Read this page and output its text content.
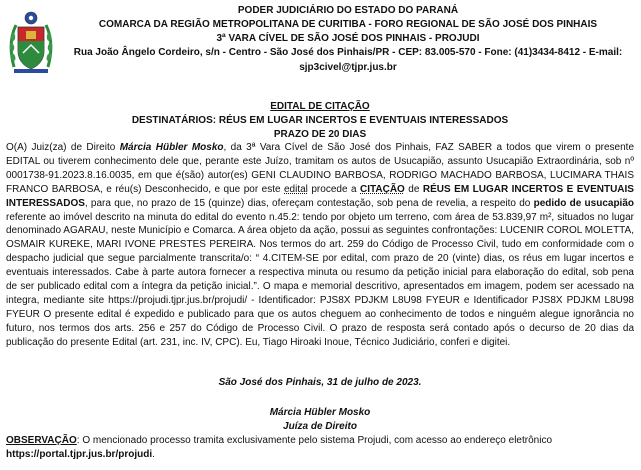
PODER JUDICIÁRIO DO ESTADO DO PARANÁ
COMARCA DA REGIÃO METROPOLITANA DE CURITIBA - FORO REGIONAL DE SÃO JOSÉ DOS PINHAIS
3ª VARA CÍVEL DE SÃO JOSÉ DOS PINHAIS - PROJUDI
Rua João Ângelo Cordeiro, s/n - Centro - São José dos Pinhais/PR - CEP: 83.005-570 - Fone: (41)3434-8412 - E-mail:
sjp3civel@tjpr.jus.br
EDITAL DE CITAÇÃO
DESTINATÁRIOS: RÉUS EM LUGAR INCERTOS E EVENTUAIS INTERESSADOS
PRAZO DE 20 DIAS

O(A) Juiz(za) de Direito Márcia Hübler Mosko, da 3ª Vara Cível de São José dos Pinhais, FAZ SABER a todos que virem o presente EDITAL ou tiverem conhecimento dele que, perante este Juízo, tramitam os autos de Usucapião, assunto Usucapião Extraordinária, sob nº 0001738-91.2023.8.16.0035, em que é(são) autor(es) GENI CLAUDINO BARBOSA, RODRIGO MACHADO BARBOSA, LUCIMARA THAIS FRANCO BARBOSA, e réu(s) Desconhecido, e que por este edital procede a CITAÇÃO de RÉUS EM LUGAR INCERTOS E EVENTUAIS INTERESSADOS, para que, no prazo de 15 (quinze) dias, ofereçam contestação, sob pena de revelia, a respeito do pedido de usucapião referente ao imóvel descrito na minuta do edital do evento n.45.2: tendo por objeto um terreno, com área de 53.839,97 m², situados no lugar denominado AGARAU, neste Município e Comarca. A área objeto da ação, possui as seguintes confrontações: LUCENIR COROL MOLETTA, OSMAIR KUREKE, MARI IVONE PRESTES PEREIRA. Nos termos do art. 259 do Código de Processo Civil, tudo em conformidade com o despacho judicial que segue parcialmente transcrita/o: “ 4.CITEM-SE por edital, com prazo de 20 (vinte) dias, os réus em lugar incertos e eventuais interessados. Cabe à parte autora fornecer a respectiva minuta ou resumo da petição inicial para elaboração do edital, sob pena de ser publicado edital com a íntegra da petição inicial.”. O mapa e memorial descritivo, apresentados em imagem, podem ser acessado na integra, mediante site https://projudi.tjpr.jus.br/projudi/ - Identificador: PJS8X PDJKM L8U98 FYEUR e Identificador PJS8X PDJKM L8U98 FYEUR O presente edital é expedido e publicado para que os autos cheguem ao conhecimento de todos e ninguém alegue ignorância no futuro, nos termos dos arts. 256 e 257 do Código de Processo Civil. O prazo de resposta será contado após o decurso de 20 dias da publicação do presente Edital (art. 231, inc. IV, CPC). Eu, Tiago Hiroaki Inoue, Técnico Judiciário, conferi e digitei.

São José dos Pinhais, 31 de julho de 2023.
Márcia Hübler Mosko
Juíza de Direito
OBSERVAÇÃO: O mencionado processo tramita exclusivamente pelo sistema Projudi, com acesso ao endereço eletrônico https://portal.tjpr.jus.br/projudi.
